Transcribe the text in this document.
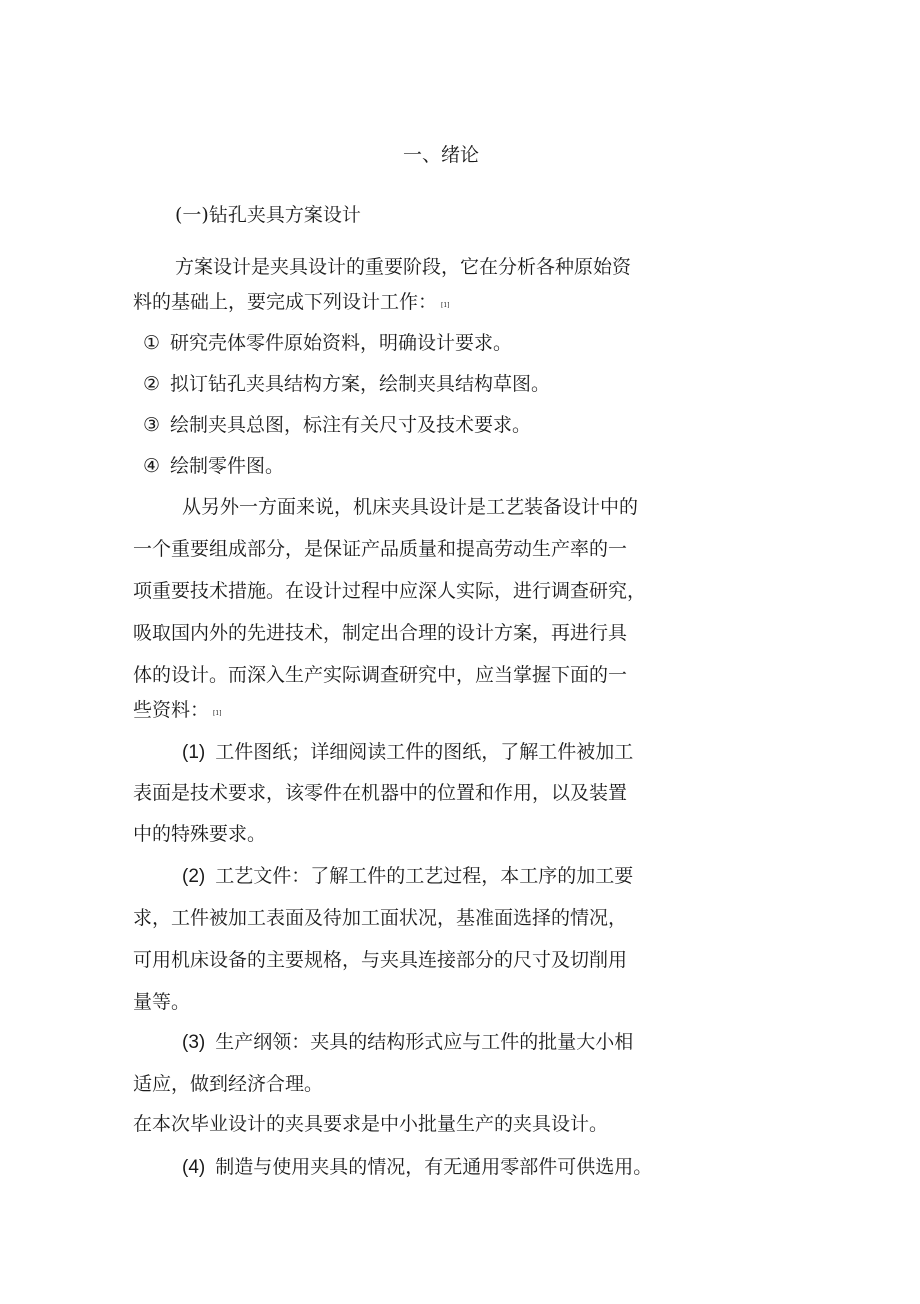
一、绪论

(一)钻孔夹具方案设计

方案设计是夹具设计的重要阶段，它在分析各种原始资

料的基础上，要完成下列设计工作： [1]

① 研究壳体零件原始资料，明确设计要求。

② 拟订钻孔夹具结构方案，绘制夹具结构草图。

③ 绘制夹具总图，标注有关尺寸及技术要求。

④ 绘制零件图。

从另外一方面来说，机床夹具设计是工艺装备设计中的

一个重要组成部分，是保证产品质量和提高劳动生产率的一

项重要技术措施。在设计过程中应深人实际，进行调查研究，

吸取国内外的先进技术，制定出合理的设计方案，再进行具

体的设计。而深入生产实际调查研究中，应当掌握下面的一

些资料： [1]

(1) 工件图纸；详细阅读工件的图纸，了解工件被加工

表面是技术要求，该零件在机器中的位置和作用，以及装置

中的特殊要求。

(2) 工艺文件：了解工件的工艺过程，本工序的加工要

求，工件被加工表面及待加工面状况，基准面选择的情况，

可用机床设备的主要规格，与夹具连接部分的尺寸及切削用

量等。

(3) 生产纲领：夹具的结构形式应与工件的批量大小相

适应，做到经济合理。

在本次毕业设计的夹具要求是中小批量生产的夹具设计。

(4) 制造与使用夹具的情况，有无通用零部件可供选用。
